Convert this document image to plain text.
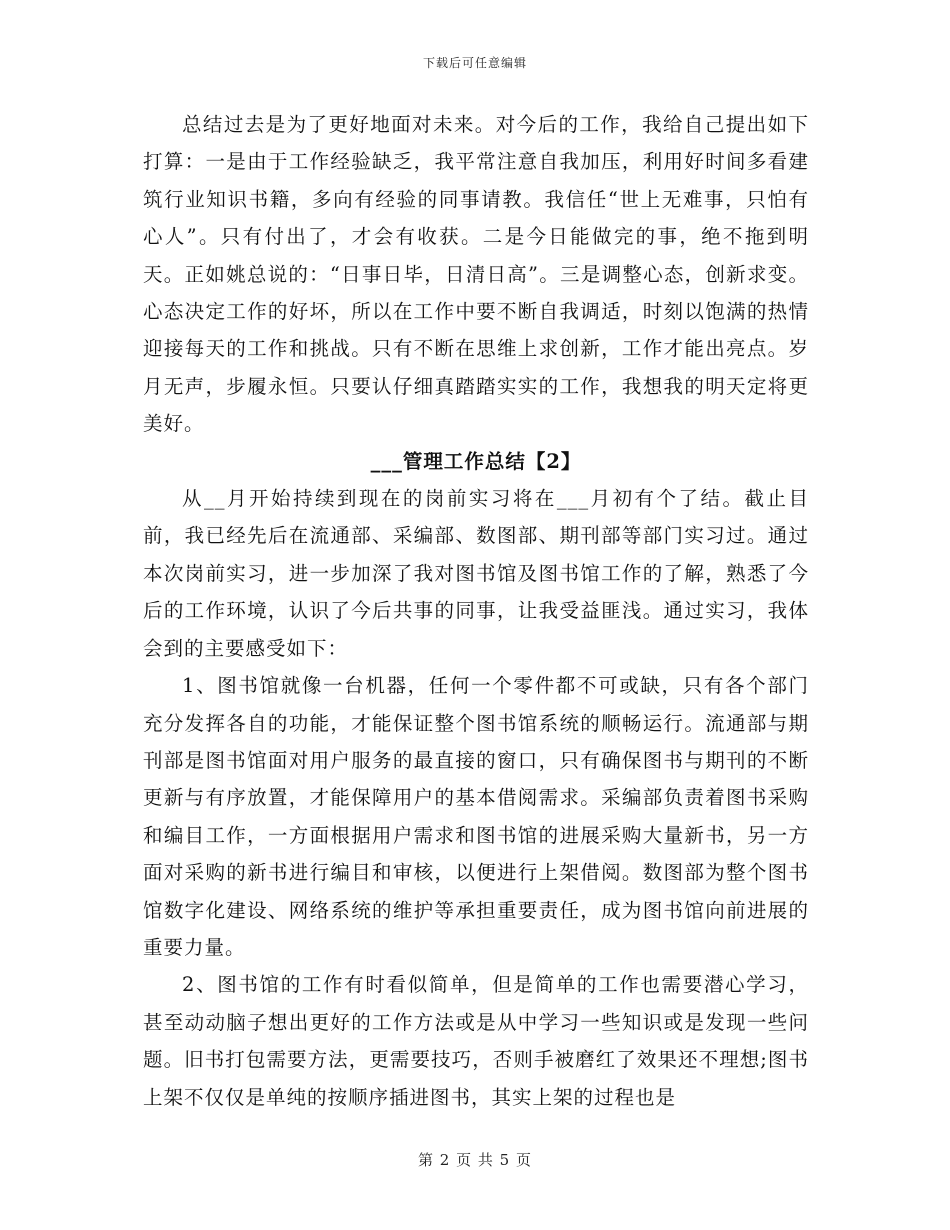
下载后可任意编辑

总结过去是为了更好地面对未来。对今后的工作，我给自己提出如下打算：一是由于工作经验缺乏，我平常注意自我加压，利用好时间多看建筑行业知识书籍，多向有经验的同事请教。我信任“世上无难事，只怕有心人”。只有付出了，才会有收获。二是今日能做完的事，绝不拖到明天。正如姚总说的：“日事日毕，日清日高”。三是调整心态，创新求变。心态决定工作的好坏，所以在工作中要不断自我调适，时刻以饱满的热情迎接每天的工作和挑战。只有不断在思维上求创新，工作才能出亮点。岁月无声，步履永恒。只要认仔细真踏踏实实的工作，我想我的明天定将更美好。

___管理工作总结【2】

从__月开始持续到现在的岗前实习将在___月初有个了结。截止目前，我已经先后在流通部、采编部、数图部、期刊部等部门实习过。通过本次岗前实习，进一步加深了我对图书馆及图书馆工作的了解，熟悉了今后的工作环境，认识了今后共事的同事，让我受益匪浅。通过实习，我体会到的主要感受如下：

1、图书馆就像一台机器，任何一个零件都不可或缺，只有各个部门充分发挥各自的功能，才能保证整个图书馆系统的顺畅运行。流通部与期刊部是图书馆面对用户服务的最直接的窗口，只有确保图书与期刊的不断更新与有序放置，才能保障用户的基本借阅需求。采编部负责着图书采购和编目工作，一方面根据用户需求和图书馆的进展采购大量新书，另一方面对采购的新书进行编目和审核，以便进行上架借阅。数图部为整个图书馆数字化建设、网络系统的维护等承担重要责任，成为图书馆向前进展的重要力量。

2、图书馆的工作有时看似简单，但是简单的工作也需要潜心学习，甚至动动脑子想出更好的工作方法或是从中学习一些知识或是发现一些问题。旧书打包需要方法，更需要技巧，否则手被磨红了效果还不理想;图书上架不仅仅是单纯的按顺序插进图书，其实上架的过程也是

第 2 页 共 5 页
